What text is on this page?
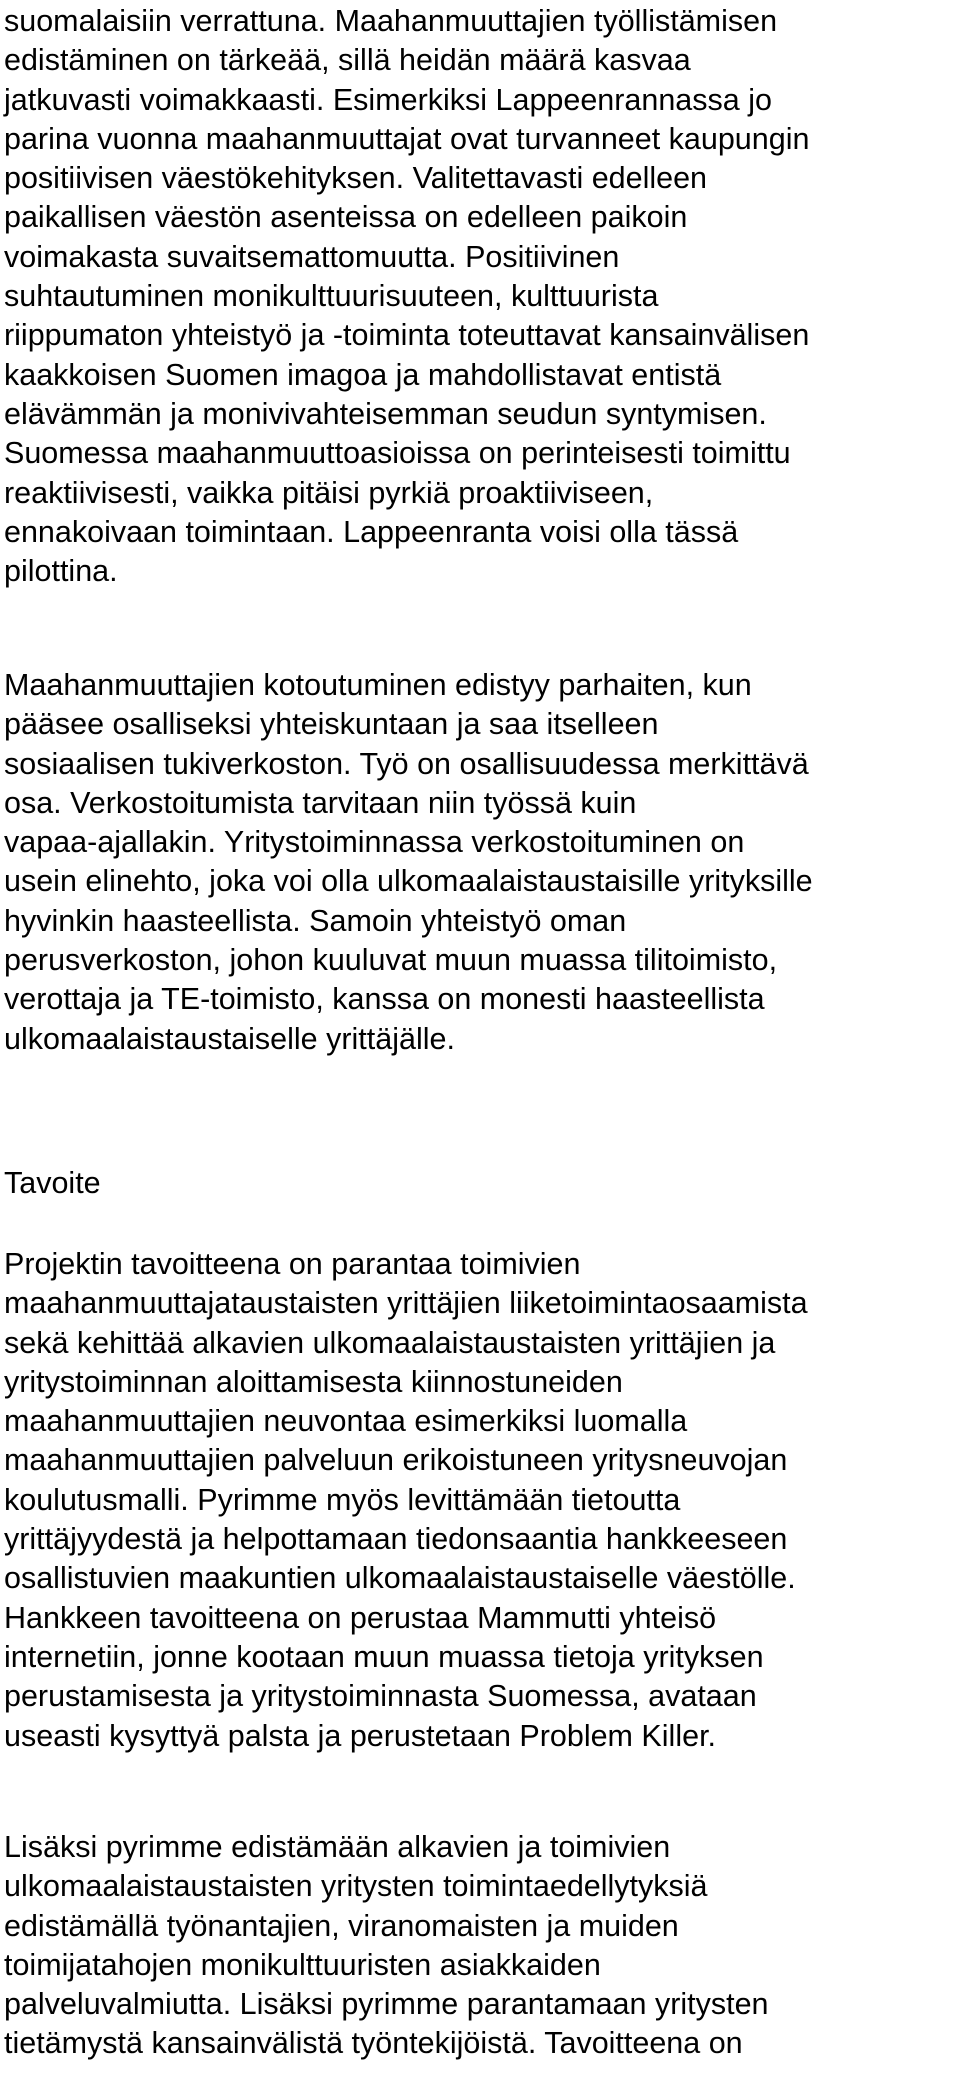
suomalaisiin verrattuna. Maahanmuuttajien työllistämisen
edistäminen on tärkeää, sillä heidän määrä kasvaa
jatkuvasti voimakkaasti. Esimerkiksi Lappeenrannassa jo
parina vuonna maahanmuuttajat ovat turvanneet kaupungin
positiivisen väestökehityksen. Valitettavasti edelleen
paikallisen väestön asenteissa on edelleen paikoin
voimakasta suvaitsemattomuutta. Positiivinen
suhtautuminen monikulttuurisuuteen, kulttuurista
riippumaton yhteistyö ja -toiminta toteuttavat kansainvälisen
kaakkoisen Suomen imagoa ja mahdollistavat entistä
elävämmän ja monivivahteisemman seudun syntymisen.
Suomessa maahanmuuttoasioissa on perinteisesti toimittu
reaktiivisesti, vaikka pitäisi pyrkiä proaktiiviseen,
ennakoivaan toimintaan. Lappeenranta voisi olla tässä
pilottina.
Maahanmuuttajien kotoutuminen edistyy parhaiten, kun
pääsee osalliseksi yhteiskuntaan ja saa itselleen
sosiaalisen tukiverkoston. Työ on osallisuudessa merkittävä
osa. Verkostoitumista tarvitaan niin työssä kuin
vapaa-ajallakin. Yritystoiminnassa verkostoituminen on
usein elinehto, joka voi olla ulkomaalaistaustaisille yrityksille
hyvinkin haasteellista. Samoin yhteistyö oman
perusverkoston, johon kuuluvat muun muassa tilitoimisto,
verottaja ja TE-toimisto, kanssa on monesti haasteellista
ulkomaalaistaustaiselle yrittäjälle.
Tavoite
Projektin tavoitteena on parantaa toimivien
maahanmuuttajataustaisten yrittäjien liiketoimintaosaamista
sekä kehittää alkavien ulkomaalaistaustaisten yrittäjien ja
yritystoiminnan aloittamisesta kiinnostuneiden
maahanmuuttajien neuvontaa esimerkiksi luomalla
maahanmuuttajien palveluun erikoistuneen yritysneuvojan
koulutusmalli. Pyrimme myös levittämään tietoutta
yrittäjyydestä ja helpottamaan tiedonsaantia hankkeeseen
osallistuvien maakuntien ulkomaalaistaustaiselle väestölle.
Hankkeen tavoitteena on perustaa Mammutti yhteisö
internetiin, jonne kootaan muun muassa tietoja yrityksen
perustamisesta ja yritystoiminnasta Suomessa, avataan
useasti kysyttyä palsta ja perustetaan Problem Killer.
Lisäksi pyrimme edistämään alkavien ja toimivien
ulkomaalaistaustaisten yritysten toimintaedellytyksiä
edistämällä työnantajien, viranomaisten ja muiden
toimijatahojen monikulttuuristen asiakkaiden
palveluvalmiutta. Lisäksi pyrimme parantamaan yritysten
tietämystä kansainvälistä työntekijöistä. Tavoitteena on
